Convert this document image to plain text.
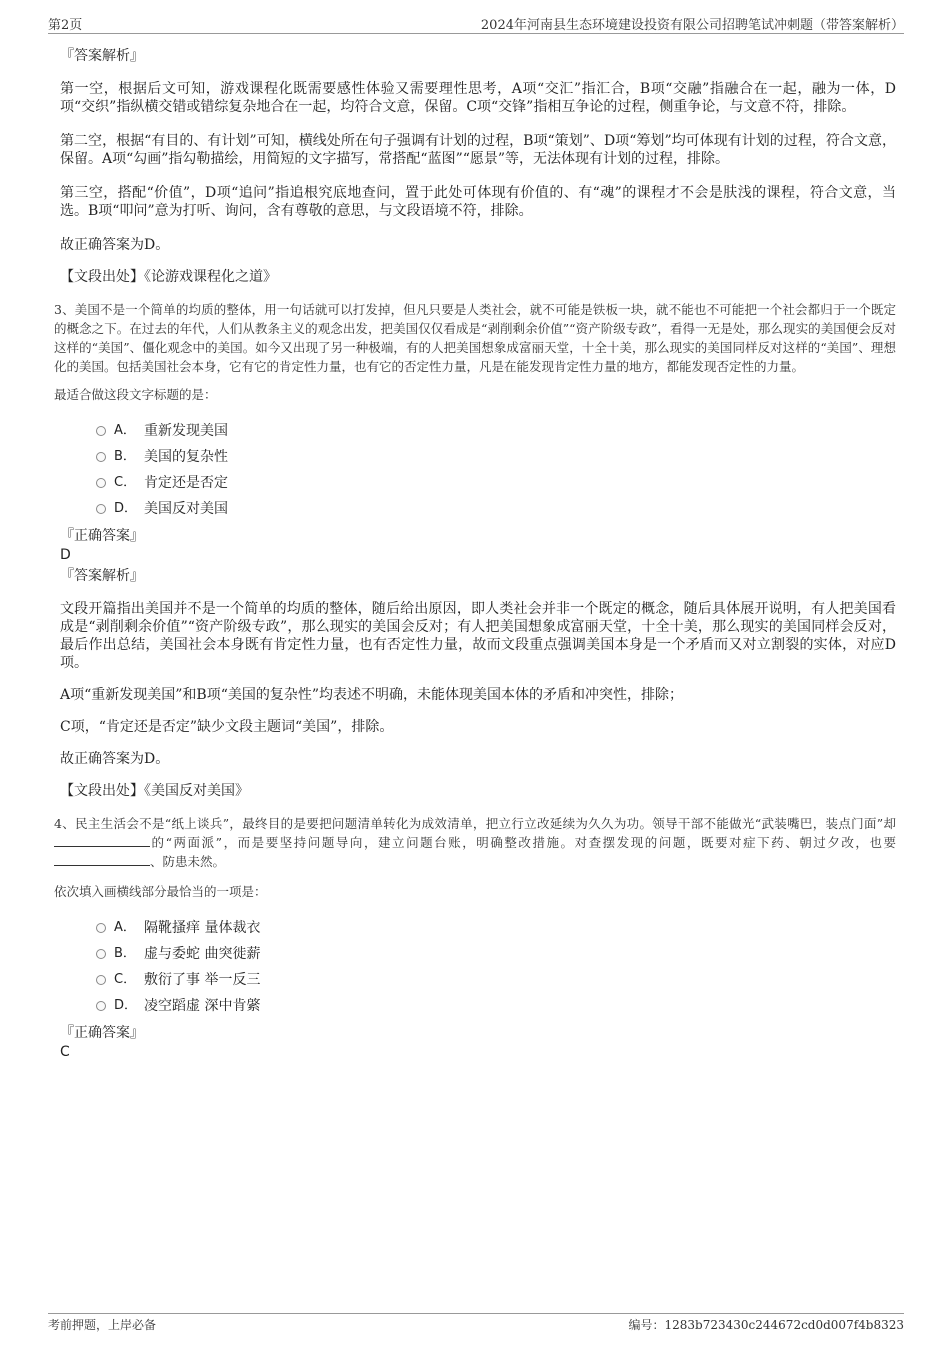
第2页	2024年河南县生态环境建设投资有限公司招聘笔试冲刺题（带答案解析）
『答案解析』
第一空，根据后文可知，游戏课程化既需要感性体验又需要理性思考，A项“交汇”指汇合，B项“交融”指融合在一起，融为一体，D项“交织”指纵横交错或错综复杂地合在一起，均符合文意，保留。C项“交锋”指相互争论的过程，侧重争论，与文意不符，排除。
第二空，根据“有目的、有计划”可知，横线处所在句子强调有计划的过程，B项“策划”、D项“筹划”均可体现有计划的过程，符合文意，保留。A项“勾画”指勾勒描绘，用简短的文字描写，常搭配“蓝图”“愿景”等，无法体现有计划的过程，排除。
第三空，搭配“价值”，D项“追问”指追根究底地查问，置于此处可体现有价值的、有“魂”的课程才不会是肤浅的课程，符合文意，当选。B项“叩问”意为打听、询问，含有尊敬的意思，与文段语境不符，排除。
故正确答案为D。
【文段出处】《论游戏课程化之道》
3、美国不是一个简单的均质的整体，用一句话就可以打发掉，但凡只要是人类社会，就不可能是铁板一块，就不能也不可能把一个社会都归于一个既定的概念之下。在过去的年代，人们从教条主义的观念出发，把美国仅仅看成是“剥削剩余价值”“资产阶级专政”，看得一无是处，那么现实的美国便会反对这样的“美国”、僵化观念中的美国。如今又出现了另一种极端，有的人把美国想象成富丽天堂，十全十美，那么现实的美国同样反对这样的“美国”、理想化的美国。包括美国社会本身，它有它的肯定性力量，也有它的否定性力量，凡是在能发现肯定性力量的地方，都能发现否定性的力量。
最适合做这段文字标题的是：
A． 重新发现美国
B． 美国的复杂性
C． 肯定还是否定
D． 美国反对美国
『正确答案』
D
『答案解析』
文段开篇指出美国并不是一个简单的均质的整体，随后给出原因，即人类社会并非一个既定的概念，随后具体展开说明，有人把美国看成是“剥削剩余价值”“资产阶级专政”，那么现实的美国会反对；有人把美国想象成富丽天堂，十全十美，那么现实的美国同样会反对，最后作出总结，美国社会本身既有肯定性力量，也有否定性力量，故而文段重点强调美国本身是一个矛盾而又对立割裂的实体，对应D项。
A项“重新发现美国”和B项“美国的复杂性”均表述不明确，未能体现美国本体的矛盾和冲突性，排除；
C项，“肯定还是否定”缺少文段主题词“美国”，排除。
故正确答案为D。
【文段出处】《美国反对美国》
4、民主生活会不是“纸上谈兵”，最终目的是要把问题清单转化为成效清单，把立行立改延续为久久为功。领导干部不能做光“武装嘴巴，装点门面”却的“两面派”，而是要坚持问题导向，建立问题台账，明确整改措施。对查摆发现的问题，既要对症下药、朝过夕改，也要、防患未然。
依次填入画横线部分最恰当的一项是：
A． 隔靴搔痒 量体裁衣
B． 虚与委蛇 曲突徙薪
C． 敷衍了事 举一反三
D． 凌空蹈虚 深中肯綮
『正确答案』
C
考前押题，上岸必备	编号：1283b723430c244672cd0d007f4b8323
